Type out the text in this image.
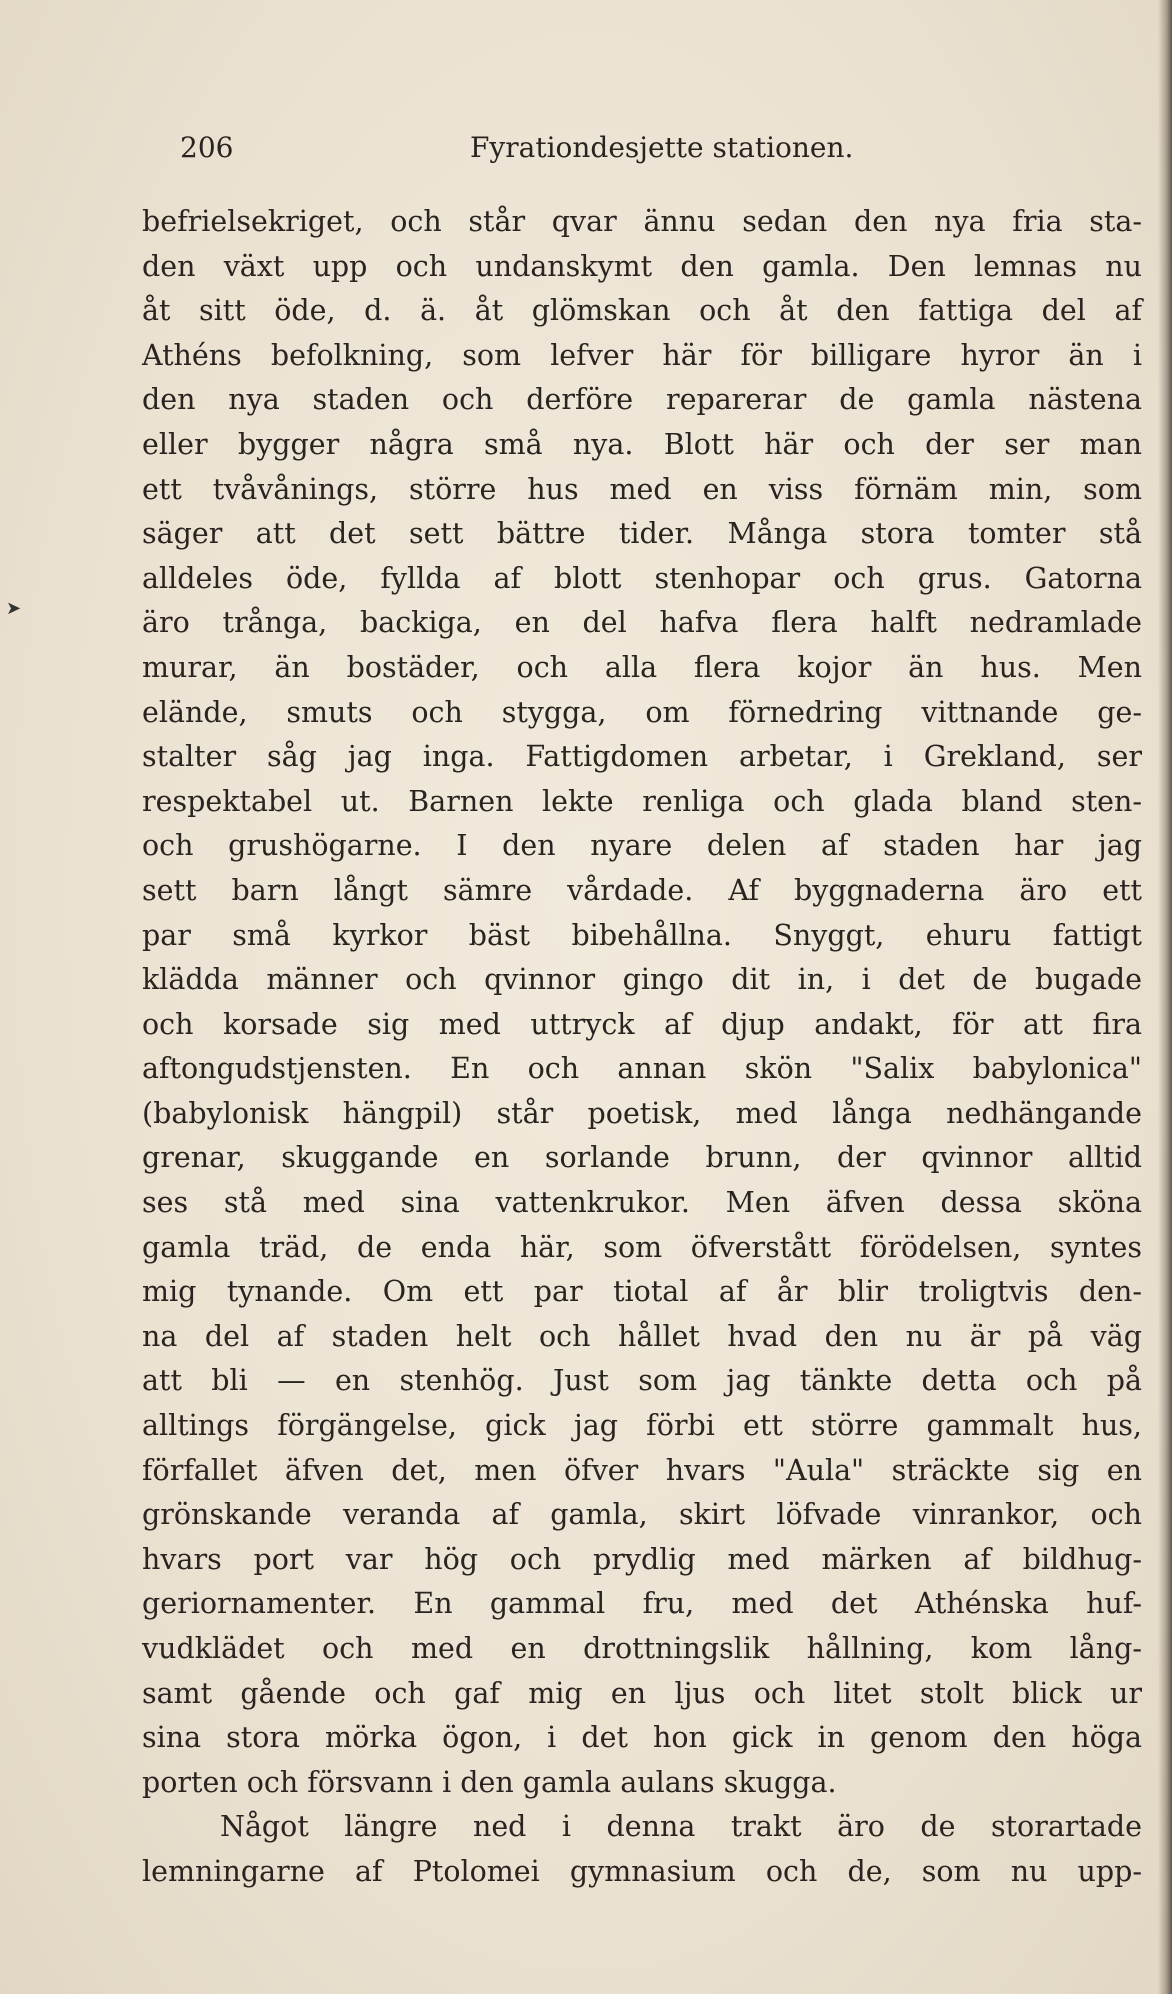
206	Fyrationdesjette stationen.
➤
befrielsekriget, och står qvar ännu sedan den nya fria sta-
den växt upp och undanskymt den gamla. Den lemnas nu
åt sitt öde, d. ä. åt glömskan och åt den fattiga del af
Athéns befolkning, som lefver här för billigare hyror än i
den nya staden och derföre reparerar de gamla nästena
eller bygger några små nya. Blott här och der ser man
ett tvåvånings, större hus med en viss förnäm min, som
säger att det sett bättre tider. Många stora tomter stå
alldeles öde, fyllda af blott stenhopar och grus. Gatorna
äro trånga, backiga, en del hafva flera halft nedramlade
murar, än bostäder, och alla flera kojor än hus. Men
elände, smuts och stygga, om förnedring vittnande ge-
stalter såg jag inga. Fattigdomen arbetar, i Grekland, ser
respektabel ut. Barnen lekte renliga och glada bland sten-
och grushögarne. I den nyare delen af staden har jag
sett barn långt sämre vårdade. Af byggnaderna äro ett
par små kyrkor bäst bibehållna. Snyggt, ehuru fattigt
klädda männer och qvinnor gingo dit in, i det de bugade
och korsade sig med uttryck af djup andakt, för att fira
aftongudstjensten. En och annan skön "Salix babylonica"
(babylonisk hängpil) står poetisk, med långa nedhängande
grenar, skuggande en sorlande brunn, der qvinnor alltid
ses stå med sina vattenkrukor. Men äfven dessa sköna
gamla träd, de enda här, som öfverstått förödelsen, syntes
mig tynande. Om ett par tiotal af år blir troligtvis den-
na del af staden helt och hållet hvad den nu är på väg
att bli — en stenhög. Just som jag tänkte detta och på
alltings förgängelse, gick jag förbi ett större gammalt hus,
förfallet äfven det, men öfver hvars "Aula" sträckte sig en
grönskande veranda af gamla, skirt löfvade vinrankor, och
hvars port var hög och prydlig med märken af bildhug-
geriornamenter. En gammal fru, med det Athénska huf-
vudklädet och med en drottningslik hållning, kom lång-
samt gående och gaf mig en ljus och litet stolt blick ur
sina stora mörka ögon, i det hon gick in genom den höga
porten och försvann i den gamla aulans skugga.
Något längre ned i denna trakt äro de storartade
lemningarne af Ptolomei gymnasium och de, som nu upp-
